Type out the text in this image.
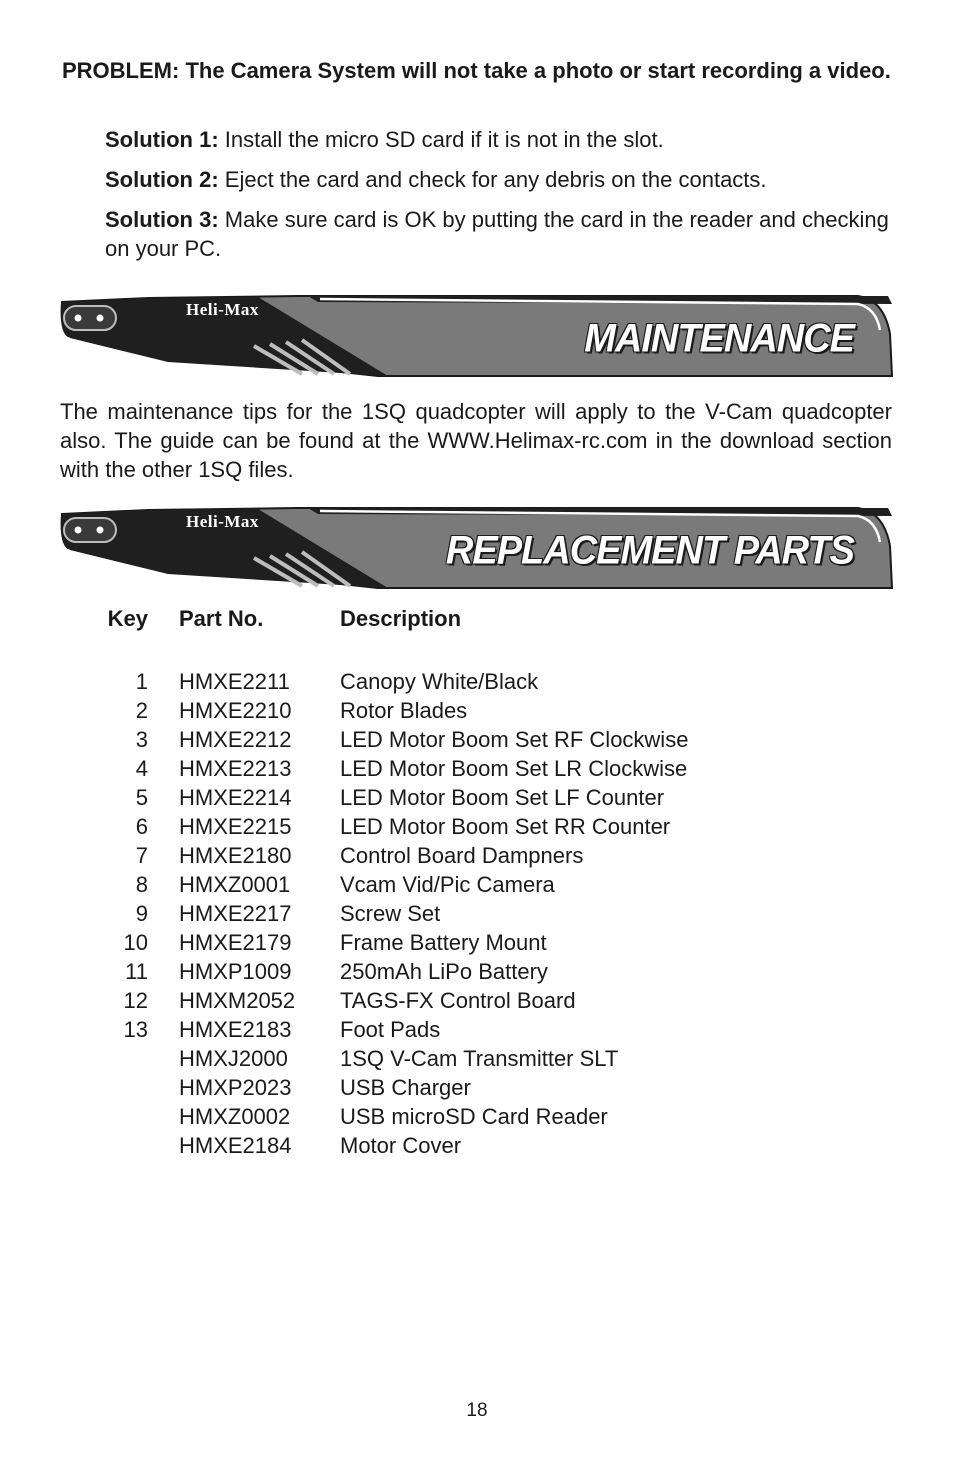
PROBLEM: The Camera System will not take a photo or start recording a video.
Solution 1: Install the micro SD card if it is not in the slot.
Solution 2: Eject the card and check for any debris on the contacts.
Solution 3: Make sure card is OK by putting the card in the reader and checking on your PC.
Heli-Max
MAINTENANCE
The maintenance tips for the 1SQ quadcopter will apply to the V-Cam quadcopter also. The guide can be found at the WWW.Helimax-rc.com in the download section with the other 1SQ files.
Heli-Max
REPLACEMENT PARTS
Key	Part No.	Description

1	HMXE2211	Canopy White/Black
2	HMXE2210	Rotor Blades
3	HMXE2212	LED Motor Boom Set RF Clockwise
4	HMXE2213	LED Motor Boom Set LR Clockwise
5	HMXE2214	LED Motor Boom Set LF Counter
6	HMXE2215	LED Motor Boom Set RR Counter
7	HMXE2180	Control Board Dampners
8	HMXZ0001	Vcam Vid/Pic Camera
9	HMXE2217	Screw Set
10	HMXE2179	Frame Battery Mount
11	HMXP1009	250mAh LiPo Battery
12	HMXM2052	TAGS-FX Control Board
13	HMXE2183	Foot Pads
	HMXJ2000	1SQ V-Cam Transmitter SLT
	HMXP2023	USB Charger
	HMXZ0002	USB microSD Card Reader
	HMXE2184	Motor Cover
18
